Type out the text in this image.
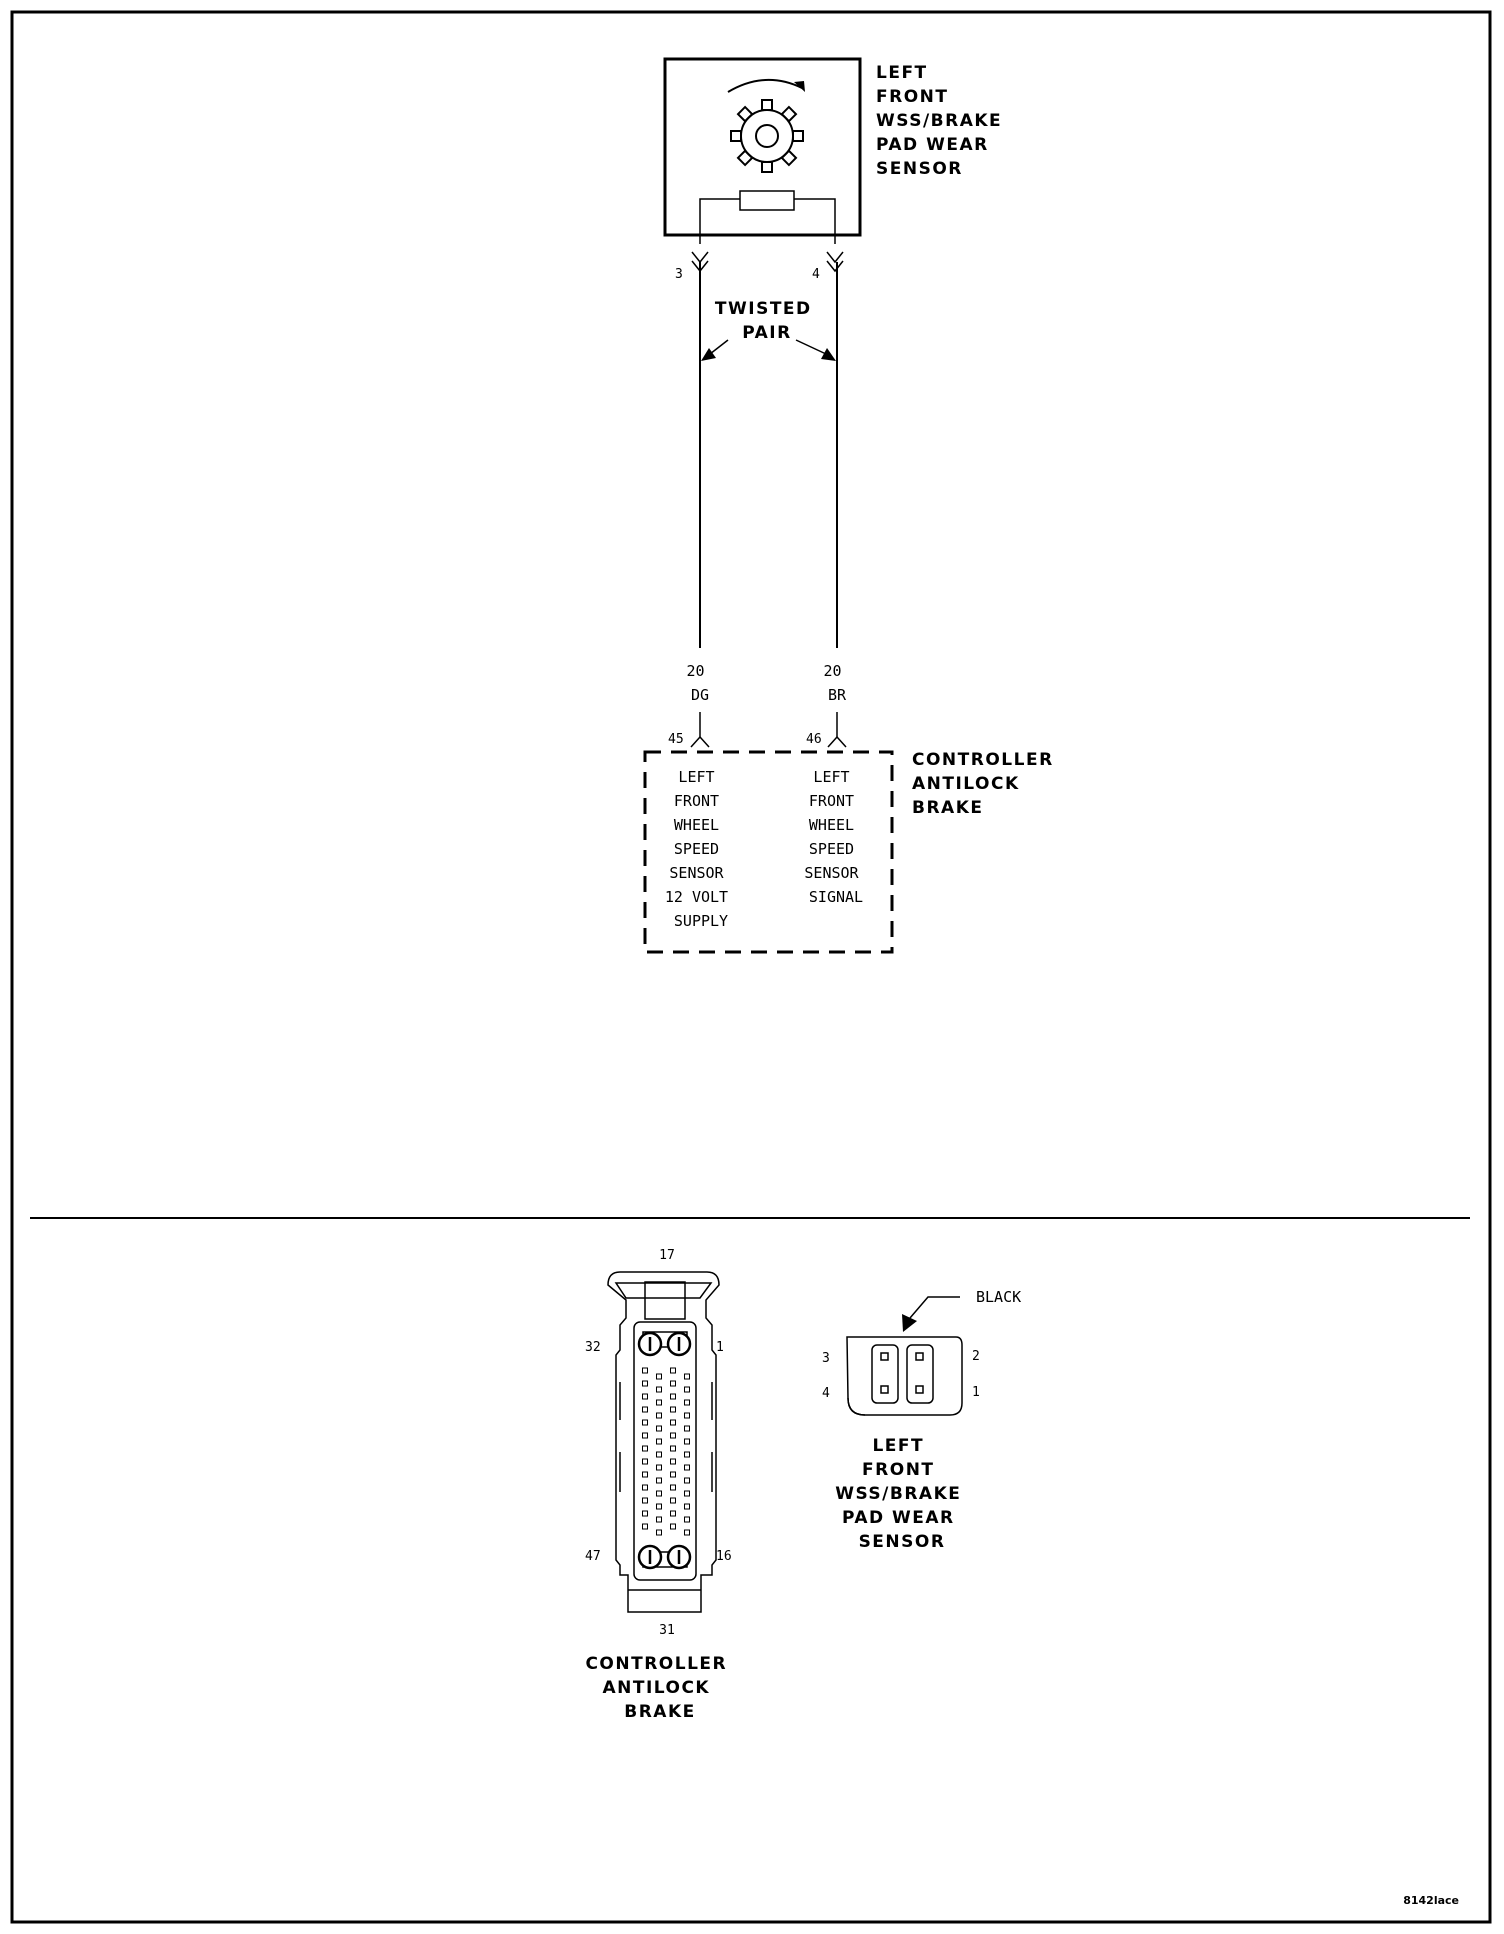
LEFT FRONT WSS/BRAKE PAD WEAR SENSOR
3	4
TWISTED PAIR
20 DG
20 BR
45	46
LEFT FRONT WHEEL SPEED SENSOR 12 VOLT SUPPLY
LEFT FRONT WHEEL SPEED SENSOR SIGNAL
CONTROLLER ANTILOCK BRAKE
17
32	1
47	16
31
CONTROLLER ANTILOCK BRAKE
BLACK
3
4
2
1
LEFT FRONT WSS/BRAKE PAD WEAR SENSOR
8142lace
